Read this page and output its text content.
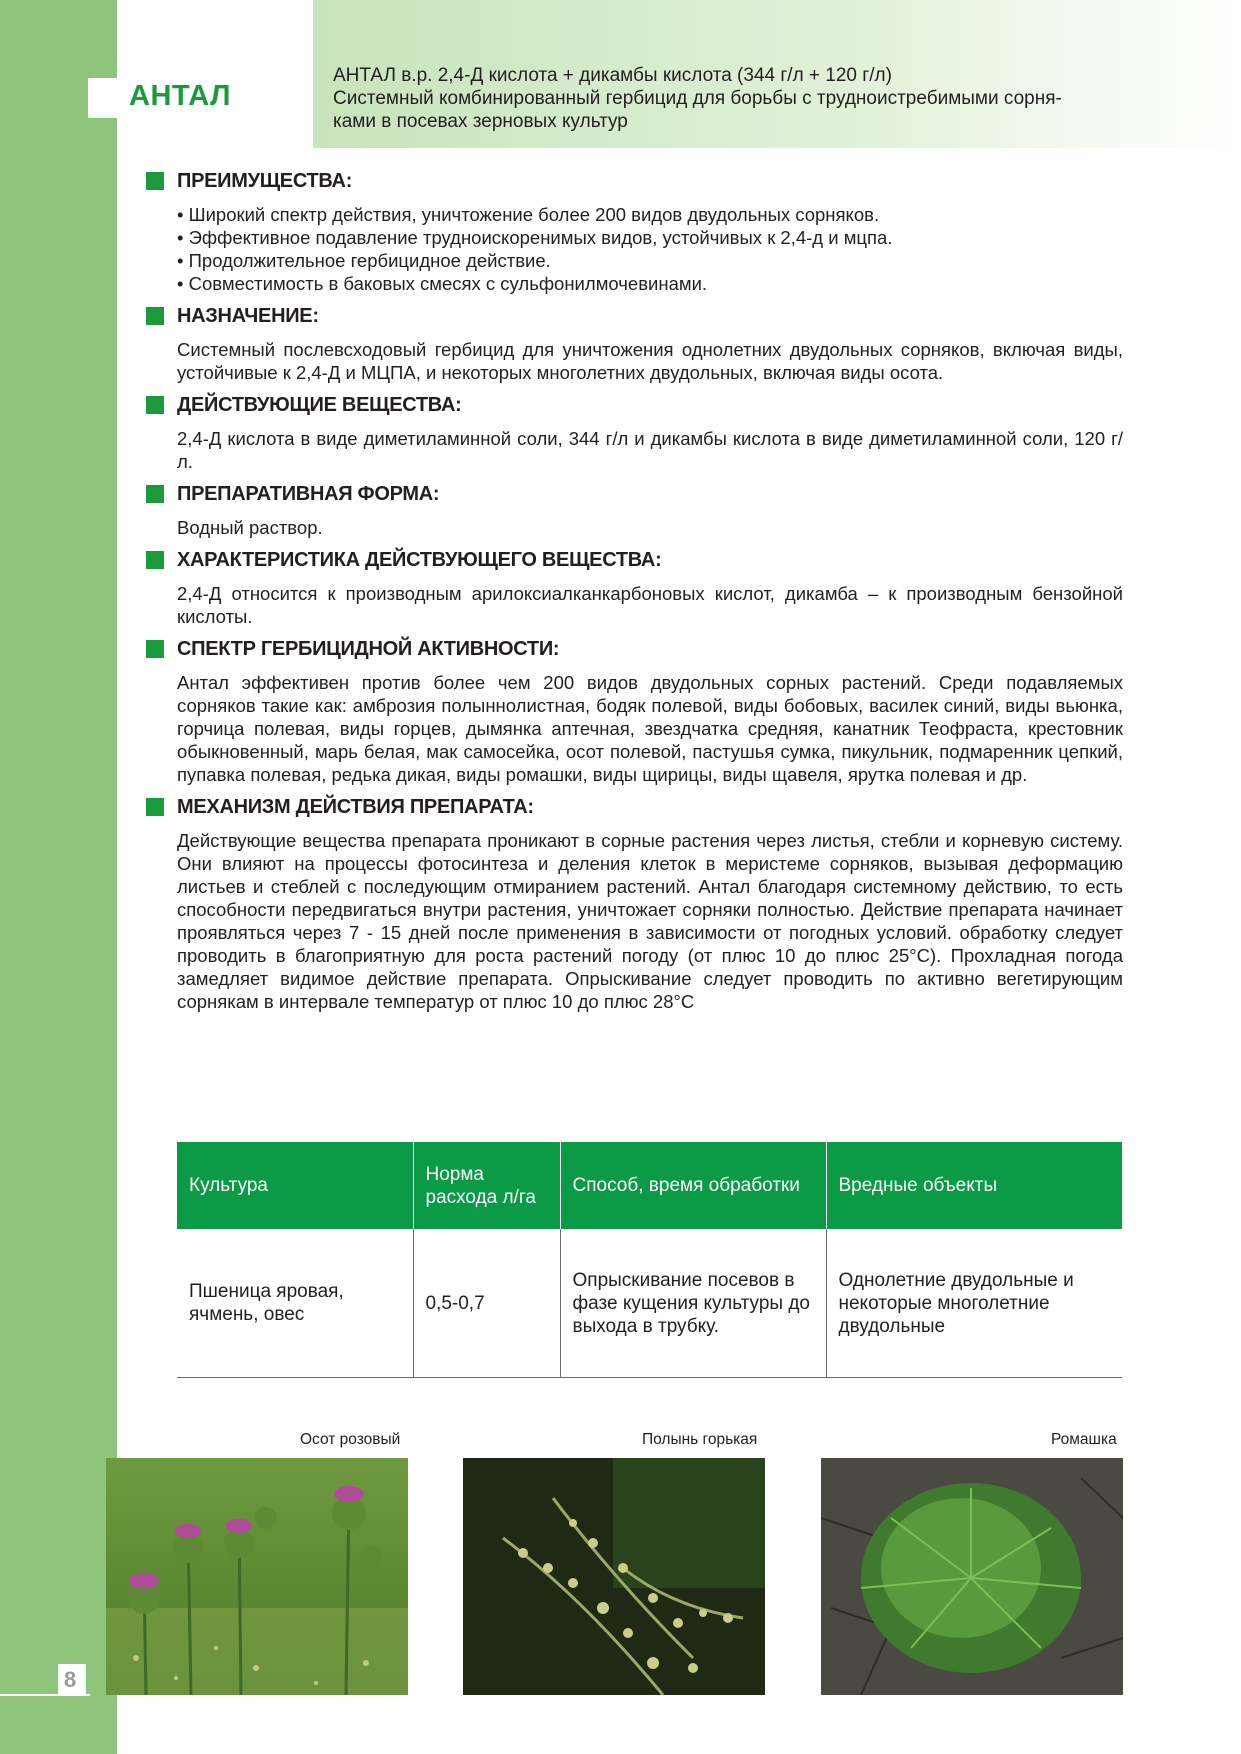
АНТАЛ
АНТАЛ в.р. 2,4-Д кислота + дикамбы кислота (344 г/л + 120 г/л)
Системный комбинированный гербицид для борьбы с трудноистребимыми сорня-
ками в посевах зерновых культур
ПРЕИМУЩЕСТВА:
• Широкий спектр действия, уничтожение более 200 видов двудольных сорняков.
• Эффективное подавление трудноискоренимых видов, устойчивых к 2,4-д и мцпа.
• Продолжительное гербицидное действие.
• Совместимость в баковых смесях с сульфонилмочевинами.
НАЗНАЧЕНИЕ:
Системный послевсходовый гербицид для уничтожения однолетних двудольных сорняков, включая виды, устойчивые к 2,4-Д и МЦПА, и некоторых многолетних двудольных, включая виды осота.
ДЕЙСТВУЮЩИЕ ВЕЩЕСТВА:
2,4-Д кислота в виде диметиламинной соли, 344 г/л и дикамбы кислота в виде диметиламинной соли, 120 г/л.
ПРЕПАРАТИВНАЯ ФОРМА:
Водный раствор.
ХАРАКТЕРИСТИКА ДЕЙСТВУЮЩЕГО ВЕЩЕСТВА:
2,4-Д относится к производным арилоксиалканкарбоновых кислот, дикамба – к производным бензойной кислоты.
СПЕКТР ГЕРБИЦИДНОЙ АКТИВНОСТИ:
Антал эффективен против более чем 200 видов двудольных сорных растений. Среди подавляемых сорняков такие как: амброзия полыннолистная, бодяк полевой, виды бобовых, василек синий, виды вьюнка, горчица полевая, виды горцев, дымянка аптечная, звездчатка средняя, канатник Теофраста, крестовник обыкновенный, марь белая, мак самосейка, осот полевой, пастушья сумка, пикульник, подмаренник цепкий, пупавка полевая, редька дикая, виды ромашки, виды щирицы, виды щавеля, ярутка полевая и др.
МЕХАНИЗМ ДЕЙСТВИЯ ПРЕПАРАТА:
Действующие вещества препарата проникают в сорные растения через листья, стебли и корневую систему. Они влияют на процессы фотосинтеза и деления клеток в меристеме сорняков, вызывая деформацию листьев и стеблей с последующим отмиранием растений. Антал благодаря системному действию, то есть способности передвигаться внутри растения, уничтожает сорняки полностью. Действие препарата начинает проявляться через 7 - 15 дней после применения в зависимости от погодных условий. обработку следует проводить в благоприятную для роста растений погоду (от плюс 10 до плюс 25°С). Прохладная погода замедляет видимое действие препарата. Опрыскивание следует проводить по активно вегетирующим сорнякам в интервале температур от плюс 10 до плюс 28°С
Культура	Норма расхода л/га	Способ, время обработки	Вредные объекты
Пшеница яровая, ячмень, овес	0,5-0,7	Опрыскивание посевов в фазе кущения культуры до выхода в трубку.	Однолетние двудольные и некоторые многолетние двудольные
Осот розовый	Полынь горькая	Ромашка
8
